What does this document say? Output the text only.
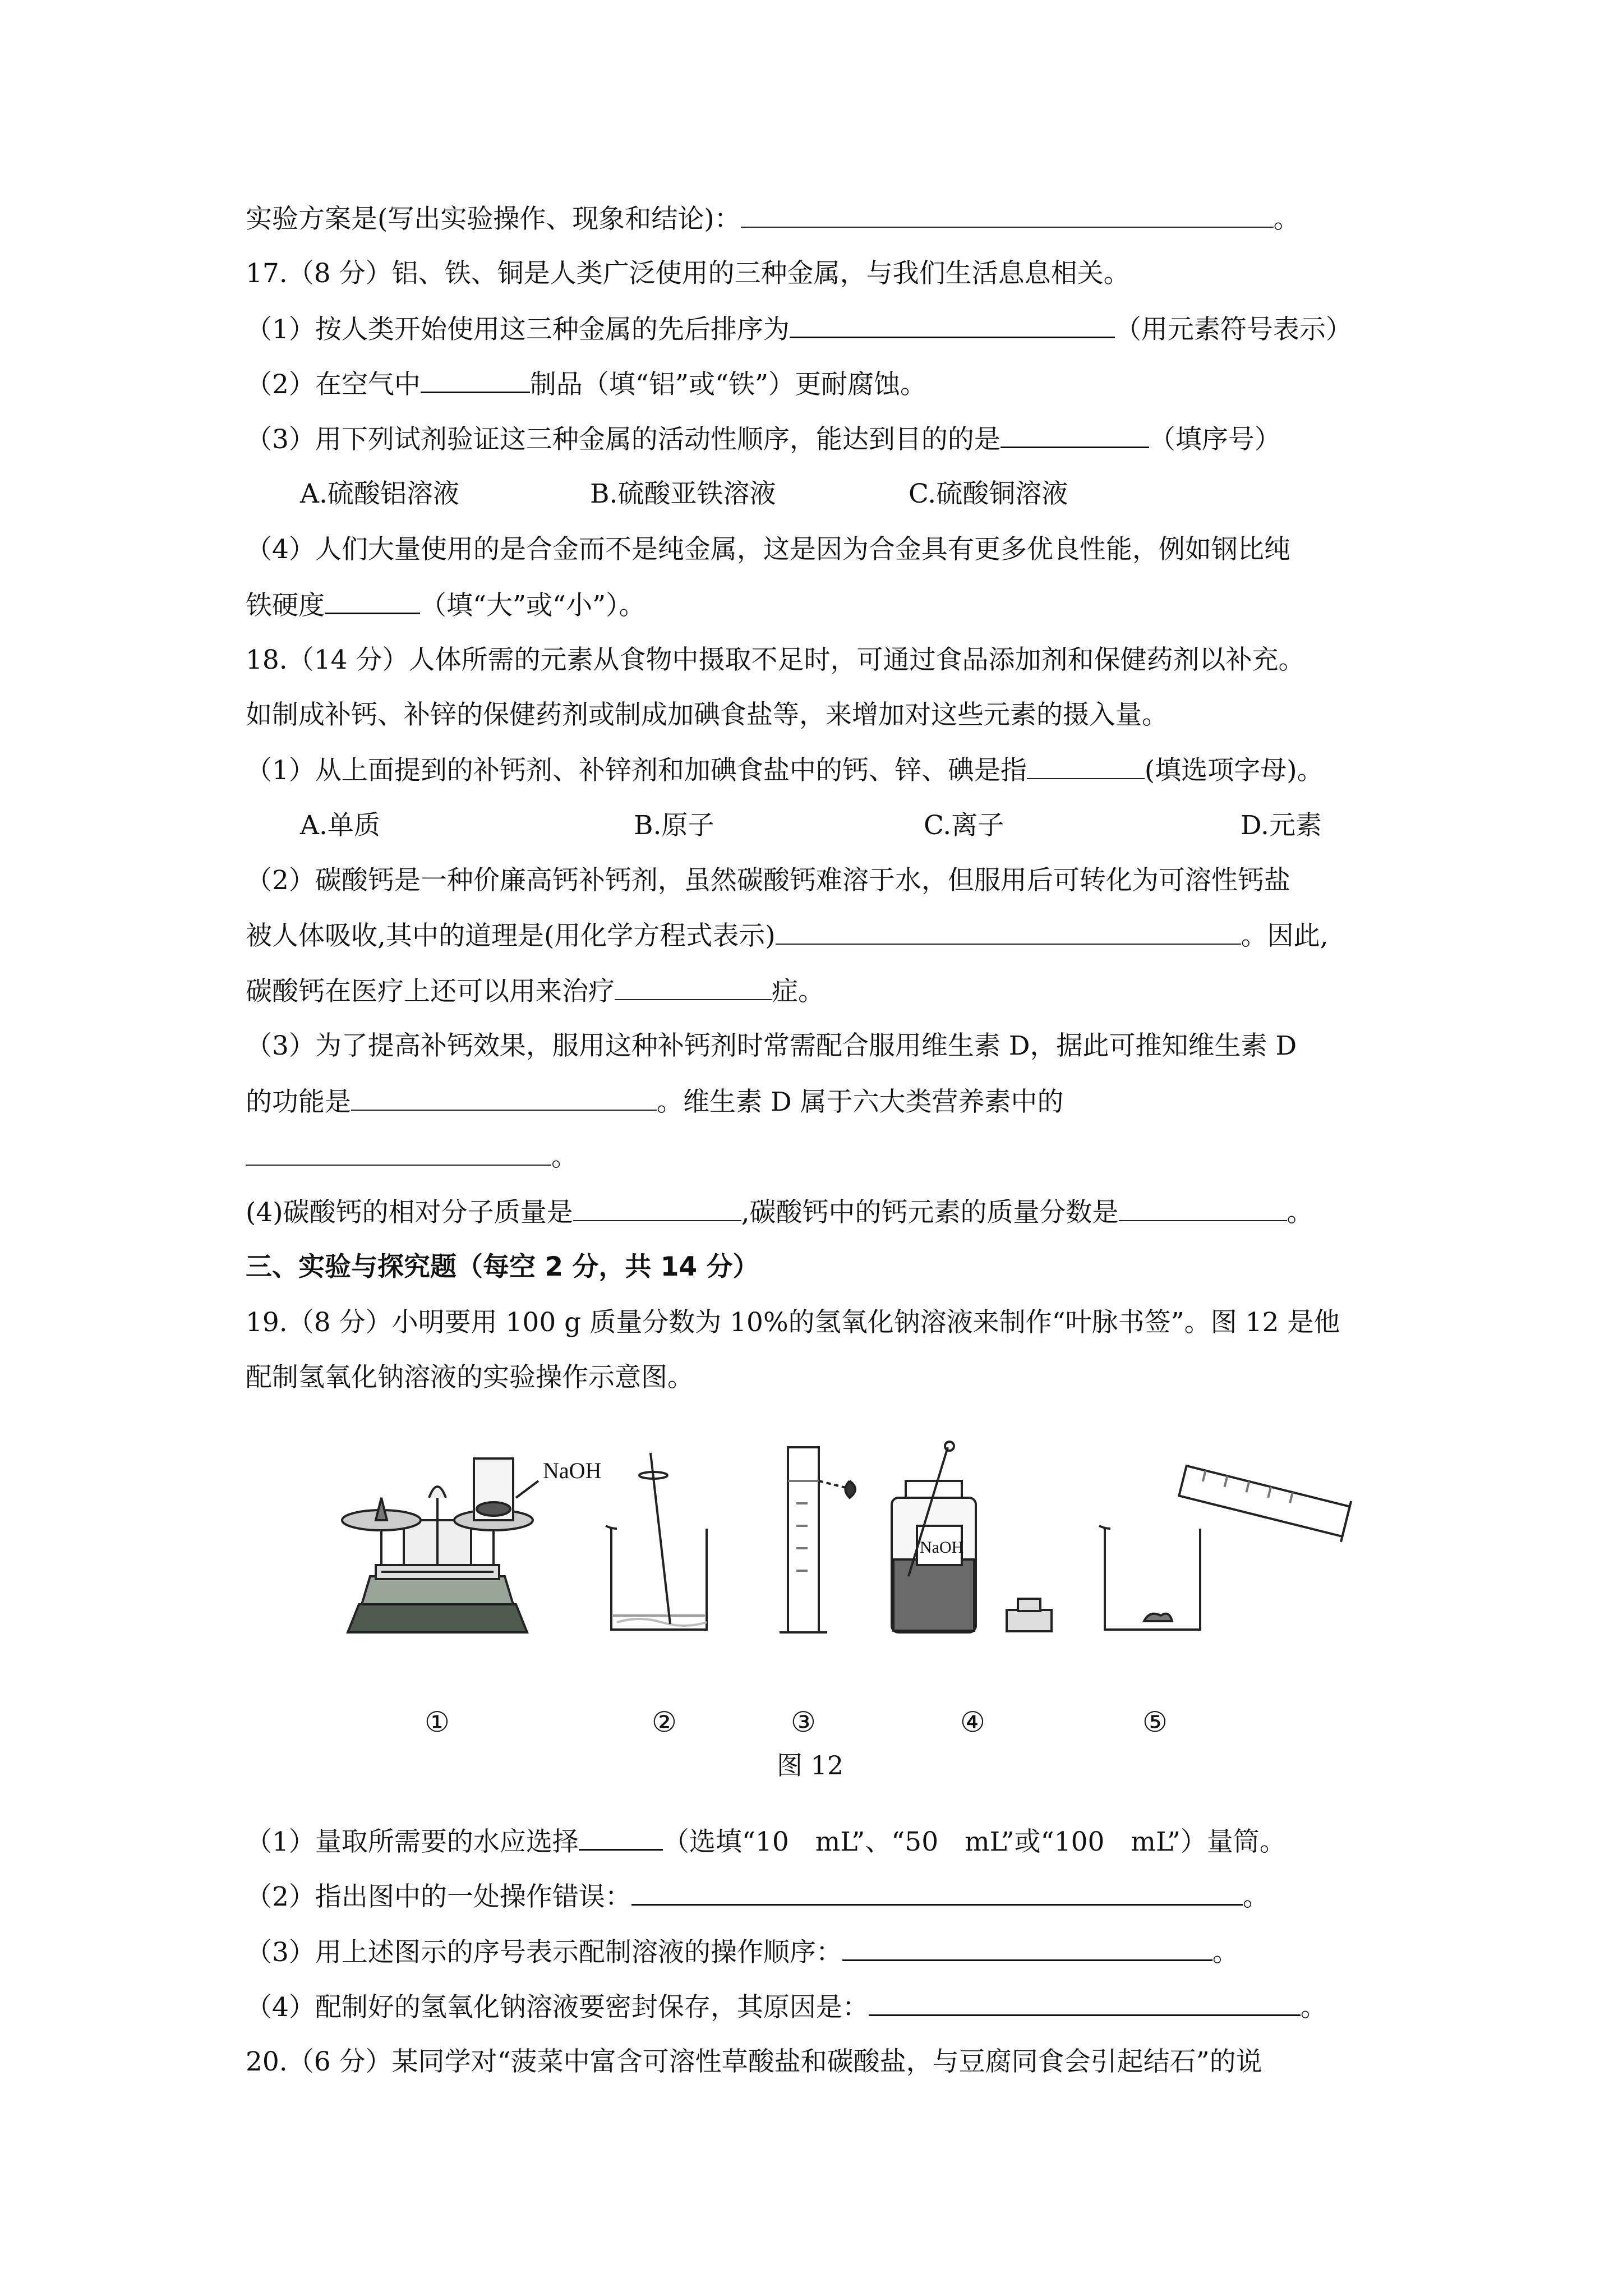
实验方案是(写出实验操作、现象和结论)：	。
17.（8 分）铝、铁、铜是人类广泛使用的三种金属，与我们生活息息相关。
（1）按人类开始使用这三种金属的先后排序为	（用元素符号表示）
（2）在空气中	制品（填“铝”或“铁”）更耐腐蚀。
（3）用下列试剂验证这三种金属的活动性顺序，能达到目的的是	（填序号）
A.硫酸铝溶液	B.硫酸亚铁溶液	C.硫酸铜溶液
（4）人们大量使用的是合金而不是纯金属，这是因为合金具有更多优良性能，例如钢比纯
铁硬度	（填“大”或“小”）。
18.（14 分）人体所需的元素从食物中摄取不足时，可通过食品添加剂和保健药剂以补充。
如制成补钙、补锌的保健药剂或制成加碘食盐等，来增加对这些元素的摄入量。
（1）从上面提到的补钙剂、补锌剂和加碘食盐中的钙、锌、碘是指	(填选项字母)。
A.单质	B.原子	C.离子	D.元素
（2）碳酸钙是一种价廉高钙补钙剂，虽然碳酸钙难溶于水，但服用后可转化为可溶性钙盐
被人体吸收,其中的道理是(用化学方程式表示)	。因此,
碳酸钙在医疗上还可以用来治疗	症。
（3）为了提高补钙效果，服用这种补钙剂时常需配合服用维生素 D，据此可推知维生素 D
的功能是	。维生素 D 属于六大类营养素中的
。
(4)碳酸钙的相对分子质量是	,碳酸钙中的钙元素的质量分数是	。
三、实验与探究题（每空 2 分，共 14 分）
19.（8 分）小明要用 100 g 质量分数为 10%的氢氧化钠溶液来制作“叶脉书签”。图 12 是他
配制氢氧化钠溶液的实验操作示意图。
NaOH
NaOH
①	②	③	④	⑤
图 12
（1）量取所需要的水应选择	（选填“10　mL”、“50　mL”或“100　mL”）量筒。
（2）指出图中的一处操作错误：	。
（3）用上述图示的序号表示配制溶液的操作顺序：	。
（4）配制好的氢氧化钠溶液要密封保存，其原因是：	。
20.（6 分）某同学对“菠菜中富含可溶性草酸盐和碳酸盐，与豆腐同食会引起结石”的说
